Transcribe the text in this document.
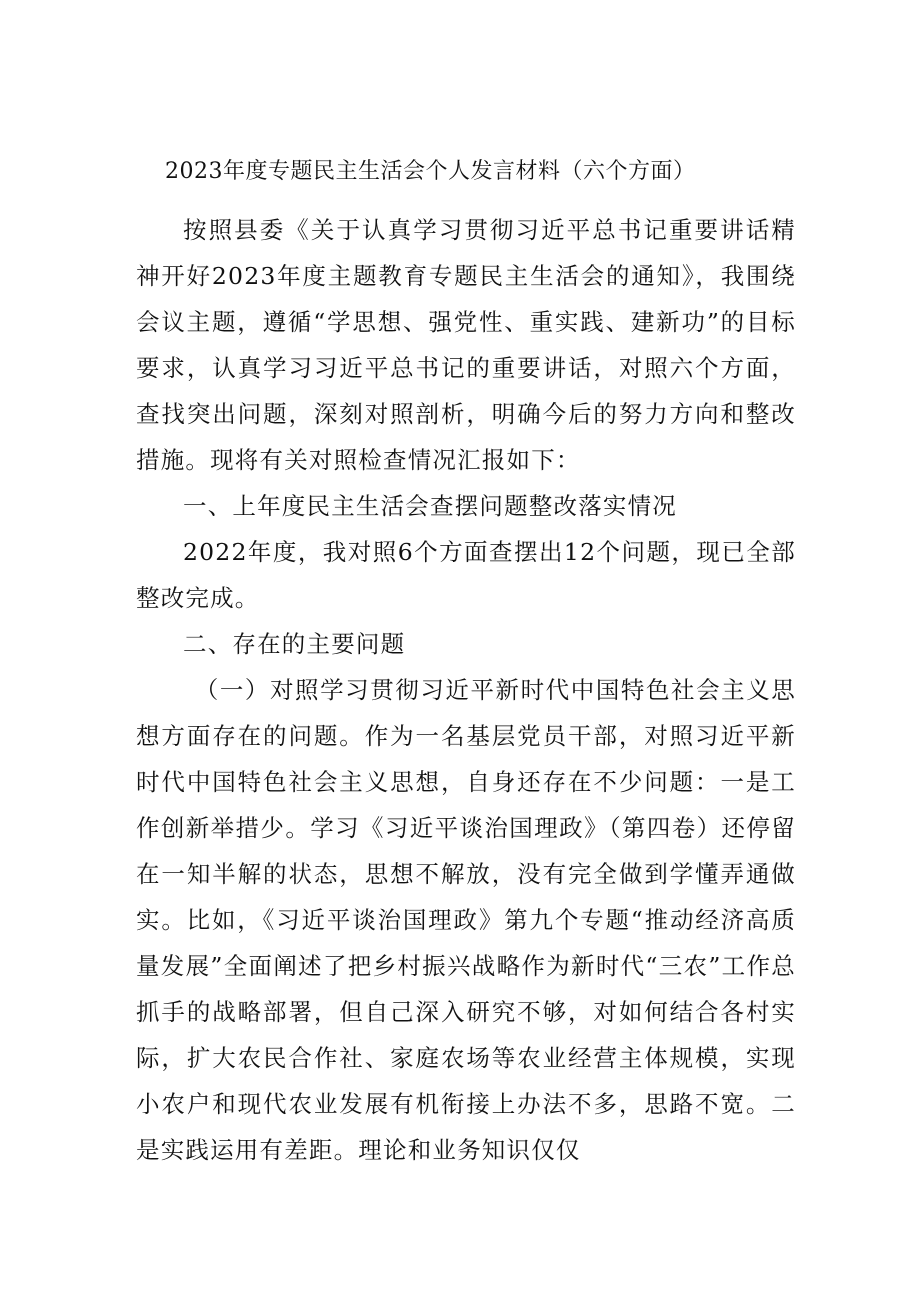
2023年度专题民主生活会个人发言材料（六个方面）

按照县委《关于认真学习贯彻习近平总书记重要讲话精神开好2023年度主题教育专题民主生活会的通知》，我围绕会议主题，遵循“学思想、强党性、重实践、建新功”的目标要求，认真学习习近平总书记的重要讲话，对照六个方面，查找突出问题，深刻对照剖析，明确今后的努力方向和整改措施。现将有关对照检查情况汇报如下：

一、上年度民主生活会查摆问题整改落实情况

2022年度，我对照6个方面查摆出12个问题，现已全部整改完成。

二、存在的主要问题

（一）对照学习贯彻习近平新时代中国特色社会主义思想方面存在的问题。作为一名基层党员干部，对照习近平新时代中国特色社会主义思想，自身还存在不少问题：一是工作创新举措少。学习《习近平谈治国理政》（第四卷）还停留在一知半解的状态，思想不解放，没有完全做到学懂弄通做实。比如，《习近平谈治国理政》第九个专题“推动经济高质量发展”全面阐述了把乡村振兴战略作为新时代“三农”工作总抓手的战略部署，但自己深入研究不够，对如何结合各村实际，扩大农民合作社、家庭农场等农业经营主体规模，实现小农户和现代农业发展有机衔接上办法不多，思路不宽。二是实践运用有差距。理论和业务知识仅仅
